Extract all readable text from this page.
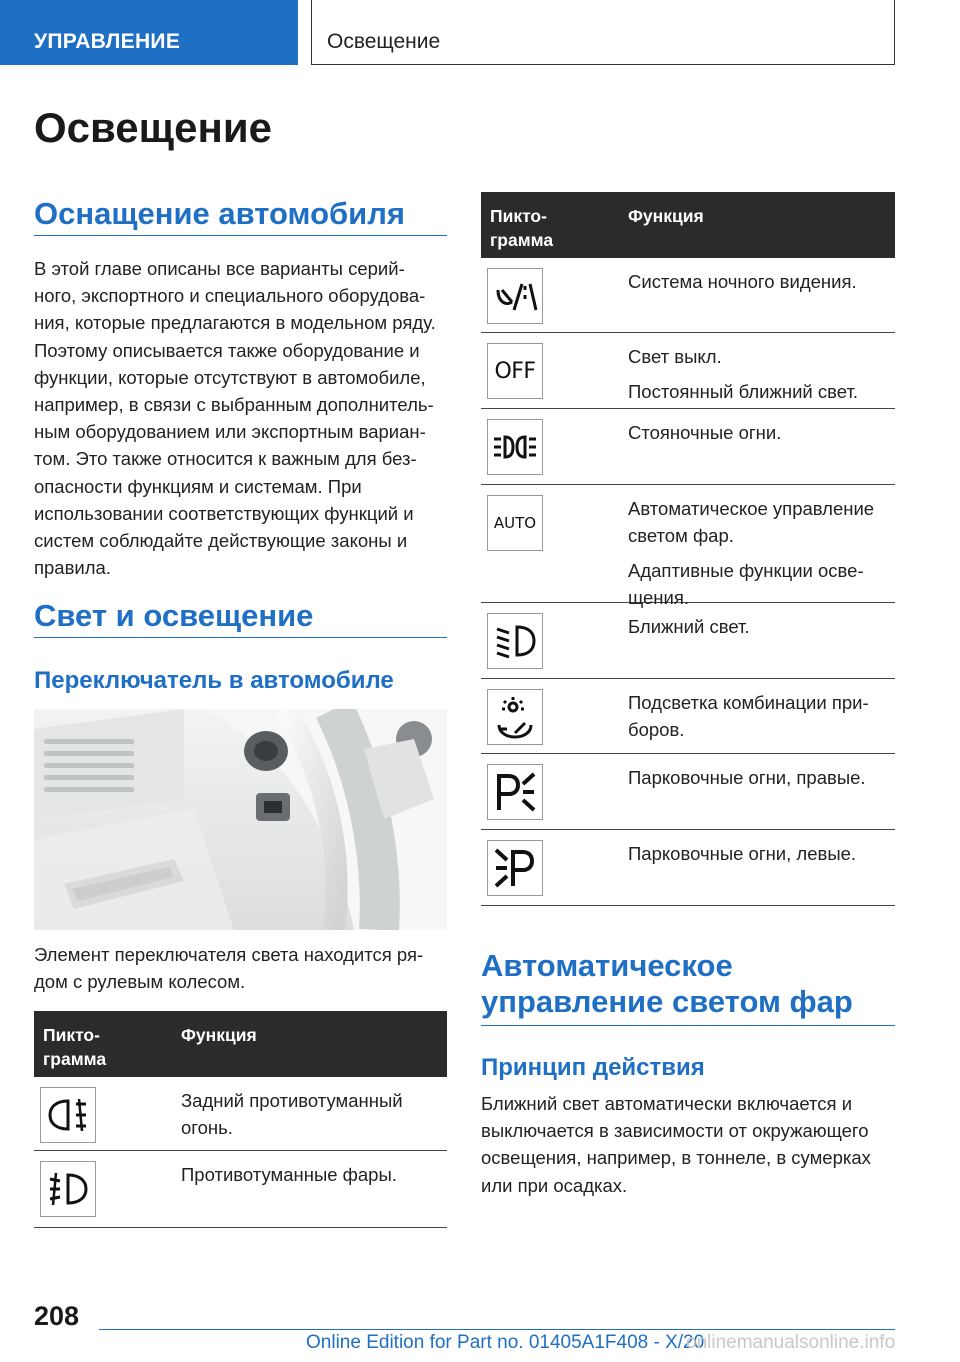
УПРАВЛЕНИЕ	Освещение
Освещение
Оснащение автомобиля
В этой главе описаны все варианты серий-
ного, экспортного и специального оборудова-
ния, которые предлагаются в модельном ряду.
Поэтому описывается также оборудование и
функции, которые отсутствуют в автомобиле,
например, в связи с выбранным дополнитель-
ным оборудованием или экспортным вариан-
том. Это также относится к важным для без-
опасности функциям и системам. При
использовании соответствующих функций и
систем соблюдайте действующие законы и
правила.
Свет и освещение
Переключатель в автомобиле
Элемент переключателя света находится ря-
дом с рулевым колесом.
Пикто-
грамма
Функция
Задний противотуманный
огонь.
Противотуманные фары.
Пикто-
грамма
Функция
Система ночного видения.
OFF
Свет выкл.
Постоянный ближний свет.
Стояночные огни.
AUTO
Автоматическое управление
светом фар.
Адаптивные функции осве-
щения.
Ближний свет.
Подсветка комбинации при-
боров.
Парковочные огни, правые.
Парковочные огни, левые.
Автоматическое
управление светом фар
Принцип действия
Ближний свет автоматически включается и
выключается в зависимости от окружающего
освещения, например, в тоннеле, в сумерках
или при осадках.
208
Online Edition for Part no. 01405A1F408 - X/20
onlinemanualsonline.info
